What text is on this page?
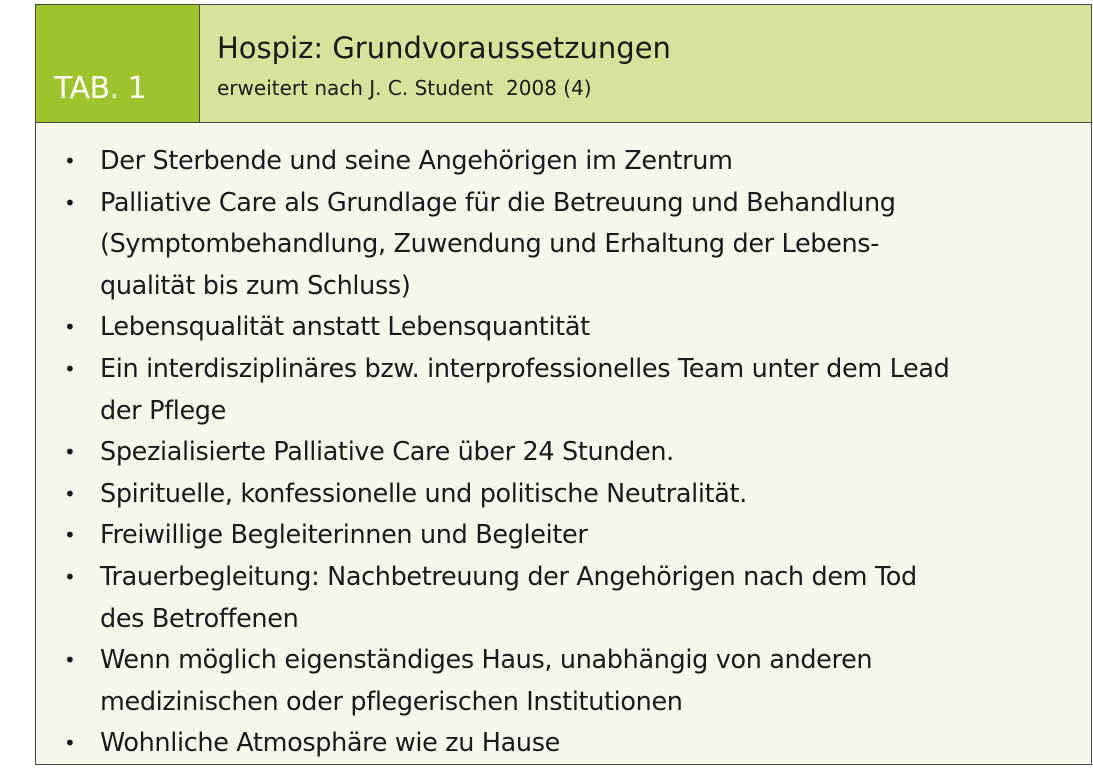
TAB. 1
Hospiz: Grundvoraussetzungen
erweitert nach J. C. Student  2008 (4)
• Der Sterbende und seine Angehörigen im Zentrum
• Palliative Care als Grundlage für die Betreuung und Behandlung
(Symptombehandlung, Zuwendung und Erhaltung der Lebens-
qualität bis zum Schluss)
• Lebensqualität anstatt Lebensquantität
• Ein interdisziplinäres bzw. interprofessionelles Team unter dem Lead
der Pflege
• Spezialisierte Palliative Care über 24 Stunden.
• Spirituelle, konfessionelle und politische Neutralität.
• Freiwillige Begleiterinnen und Begleiter
• Trauerbegleitung: Nachbetreuung der Angehörigen nach dem Tod
des Betroffenen
• Wenn möglich eigenständiges Haus, unabhängig von anderen
medizinischen oder pflegerischen Institutionen
• Wohnliche Atmosphäre wie zu Hause
